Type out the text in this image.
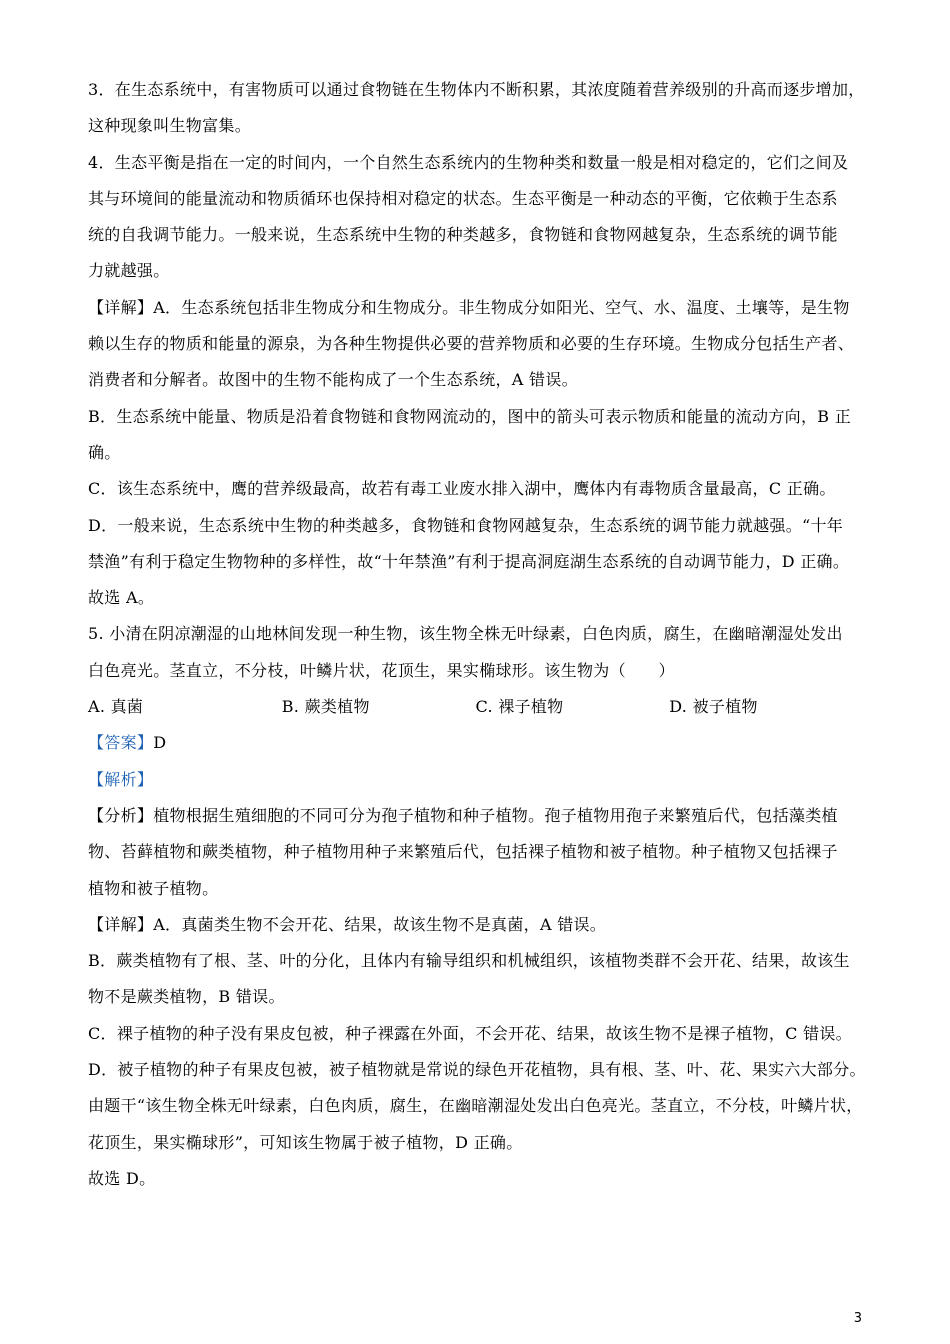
3．在生态系统中，有害物质可以通过食物链在生物体内不断积累，其浓度随着营养级别的升高而逐步增加，
这种现象叫生物富集。
4．生态平衡是指在一定的时间内，一个自然生态系统内的生物种类和数量一般是相对稳定的，它们之间及
其与环境间的能量流动和物质循环也保持相对稳定的状态。生态平衡是一种动态的平衡，它依赖于生态系
统的自我调节能力。一般来说，生态系统中生物的种类越多，食物链和食物网越复杂，生态系统的调节能
力就越强。
【详解】A．生态系统包括非生物成分和生物成分。非生物成分如阳光、空气、水、温度、土壤等，是生物
赖以生存的物质和能量的源泉，为各种生物提供必要的营养物质和必要的生存环境。生物成分包括生产者、
消费者和分解者。故图中的生物不能构成了一个生态系统，A 错误。
B．生态系统中能量、物质是沿着食物链和食物网流动的，图中的箭头可表示物质和能量的流动方向，B 正
确。
C．该生态系统中，鹰的营养级最高，故若有毒工业废水排入湖中，鹰体内有毒物质含量最高，C 正确。
D．一般来说，生态系统中生物的种类越多，食物链和食物网越复杂，生态系统的调节能力就越强。“十年
禁渔”有利于稳定生物物种的多样性，故“十年禁渔”有利于提高洞庭湖生态系统的自动调节能力，D 正确。
故选 A。
5. 小清在阴凉潮湿的山地林间发现一种生物，该生物全株无叶绿素，白色肉质，腐生，在幽暗潮湿处发出
白色亮光。茎直立，不分枝，叶鳞片状，花顶生，果实椭球形。该生物为（　　）
A. 真菌	B. 蕨类植物	C. 裸子植物	D. 被子植物
【答案】D
【解析】
【分析】植物根据生殖细胞的不同可分为孢子植物和种子植物。孢子植物用孢子来繁殖后代，包括藻类植
物、苔藓植物和蕨类植物，种子植物用种子来繁殖后代，包括裸子植物和被子植物。种子植物又包括裸子
植物和被子植物。
【详解】A．真菌类生物不会开花、结果，故该生物不是真菌，A 错误。
B．蕨类植物有了根、茎、叶的分化，且体内有输导组织和机械组织，该植物类群不会开花、结果，故该生
物不是蕨类植物，B 错误。
C．裸子植物的种子没有果皮包被，种子裸露在外面，不会开花、结果，故该生物不是裸子植物，C 错误。
D．被子植物的种子有果皮包被，被子植物就是常说的绿色开花植物，具有根、茎、叶、花、果实六大部分。
由题干“该生物全株无叶绿素，白色肉质，腐生，在幽暗潮湿处发出白色亮光。茎直立，不分枝，叶鳞片状，
花顶生，果实椭球形”，可知该生物属于被子植物，D 正确。
故选 D。
3
